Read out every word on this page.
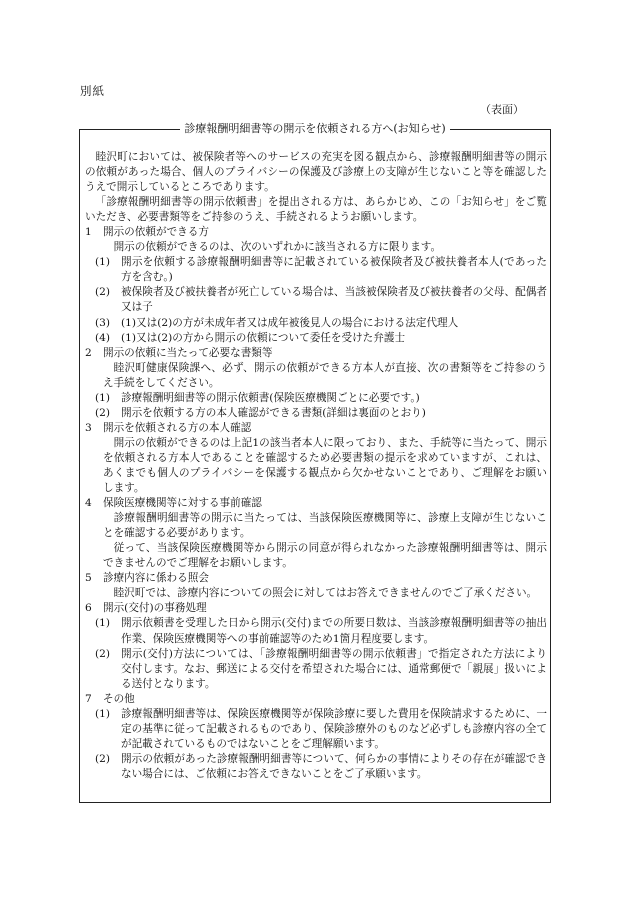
別紙
（表面）
診療報酬明細書等の開示を依頼される方へ(お知らせ)

睦沢町においては、被保険者等へのサービスの充実を図る観点から、診療報酬明細書等の開示の依頼があった場合、個人のプライバシーの保護及び診療上の支障が生じないこと等を確認したうえで開示しているところであります。

「診療報酬明細書等の開示依頼書」を提出される方は、あらかじめ、この「お知らせ」をご覧いただき、必要書類等をご持参のうえ、手続されるようお願いします。

1 開示の依頼ができる方

開示の依頼ができるのは、次のいずれかに該当される方に限ります。

(1)	開示を依頼する診療報酬明細書等に記載されている被保険者及び被扶養者本人(であった方を含む。)
(2)	被保険者及び被扶養者が死亡している場合は、当該被保険者及び被扶養者の父母、配偶者又は子
(3)	(1)又は(2)の方が未成年者又は成年被後見人の場合における法定代理人
(4)	(1)又は(2)の方から開示の依頼について委任を受けた弁護士

2 開示の依頼に当たって必要な書類等

睦沢町健康保険課へ、必ず、開示の依頼ができる方本人が直接、次の書類等をご持参のうえ手続をしてください。

(1)	診療報酬明細書等の開示依頼書(保険医療機関ごとに必要です。)
(2)	開示を依頼する方の本人確認ができる書類(詳細は裏面のとおり)

3 開示を依頼される方の本人確認

開示の依頼ができるのは上記1の該当者本人に限っており、また、手続等に当たって、開示を依頼される方本人であることを確認するため必要書類の提示を求めていますが、これは、あくまでも個人のプライバシーを保護する観点から欠かせないことであり、ご理解をお願いします。

4 保険医療機関等に対する事前確認

診療報酬明細書等の開示に当たっては、当該保険医療機関等に、診療上支障が生じないことを確認する必要があります。

従って、当該保険医療機関等から開示の同意が得られなかった診療報酬明細書等は、開示できませんのでご理解をお願いします。

5 診療内容に係わる照会

睦沢町では、診療内容についての照会に対してはお答えできませんのでご了承ください。

6 開示(交付)の事務処理

(1)	開示依頼書を受理した日から開示(交付)までの所要日数は、当該診療報酬明細書等の抽出作業、保険医療機関等への事前確認等のため1箇月程度要します。
(2)	開示(交付)方法については、「診療報酬明細書等の開示依頼書」で指定された方法により交付します。なお、郵送による交付を希望された場合には、通常郵便で「親展」扱いによる送付となります。

7 その他

(1)	診療報酬明細書等は、保険医療機関等が保険診療に要した費用を保険請求するために、一定の基準に従って記載されるものであり、保険診療外のものなど必ずしも診療内容の全てが記載されているものではないことをご理解願います。
(2)	開示の依頼があった診療報酬明細書等について、何らかの事情によりその存在が確認できない場合には、ご依頼にお答えできないことをご了承願います。
